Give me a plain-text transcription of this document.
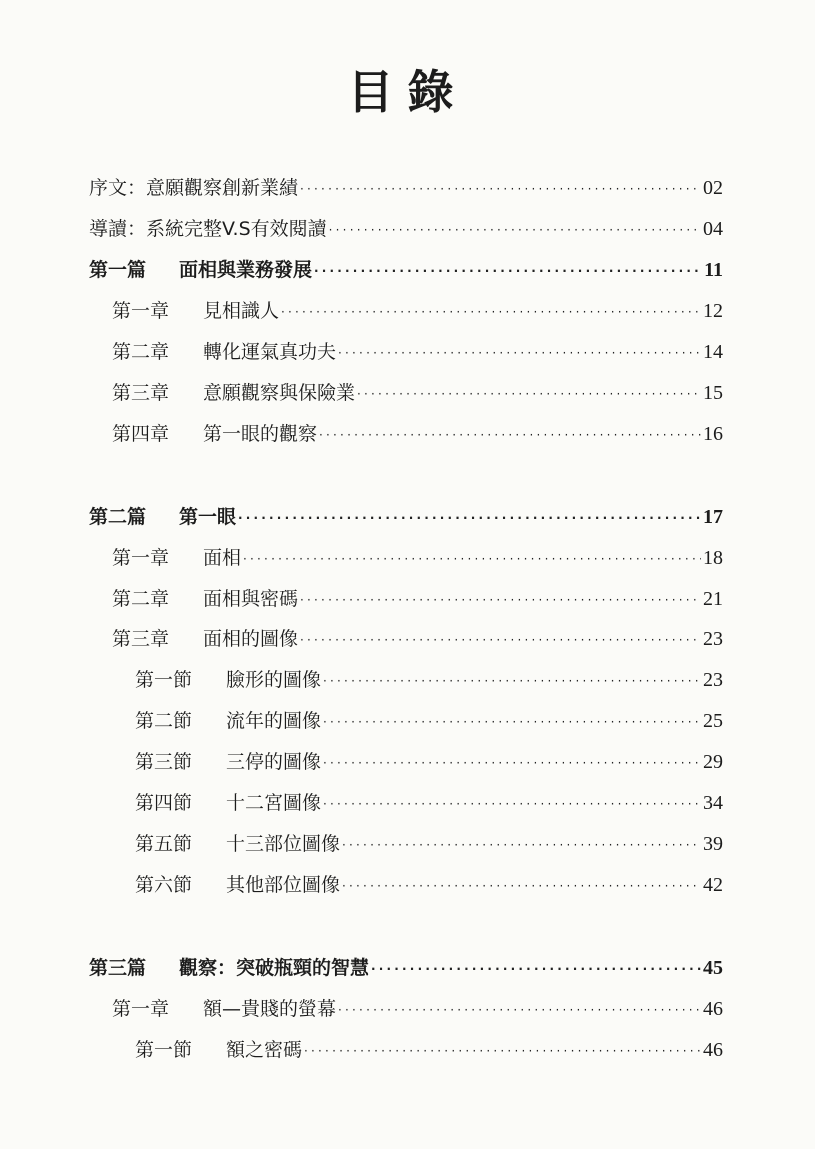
目錄
序文：意願觀察創新業績 ·····	02
導讀：系統完整V.S有效閱讀 ·····	04
第一篇	面相與業務發展 ·····	11
第一章	見相識人 ·····	12
第二章	轉化運氣真功夫 ·····	14
第三章	意願觀察與保險業 ·····	15
第四章	第一眼的觀察 ·····	16
第二篇	第一眼 ·····	17
第一章	面相 ·····	18
第二章	面相與密碼 ·····	21
第三章	面相的圖像 ·····	23
第一節	臉形的圖像 ·····	23
第二節	流年的圖像 ·····	25
第三節	三停的圖像 ·····	29
第四節	十二宮圖像 ·····	34
第五節	十三部位圖像 ·····	39
第六節	其他部位圖像 ·····	42
第三篇	觀察：突破瓶頸的智慧 ·····	45
第一章	額—貴賤的螢幕 ·····	46
第一節	額之密碼 ·····	46
